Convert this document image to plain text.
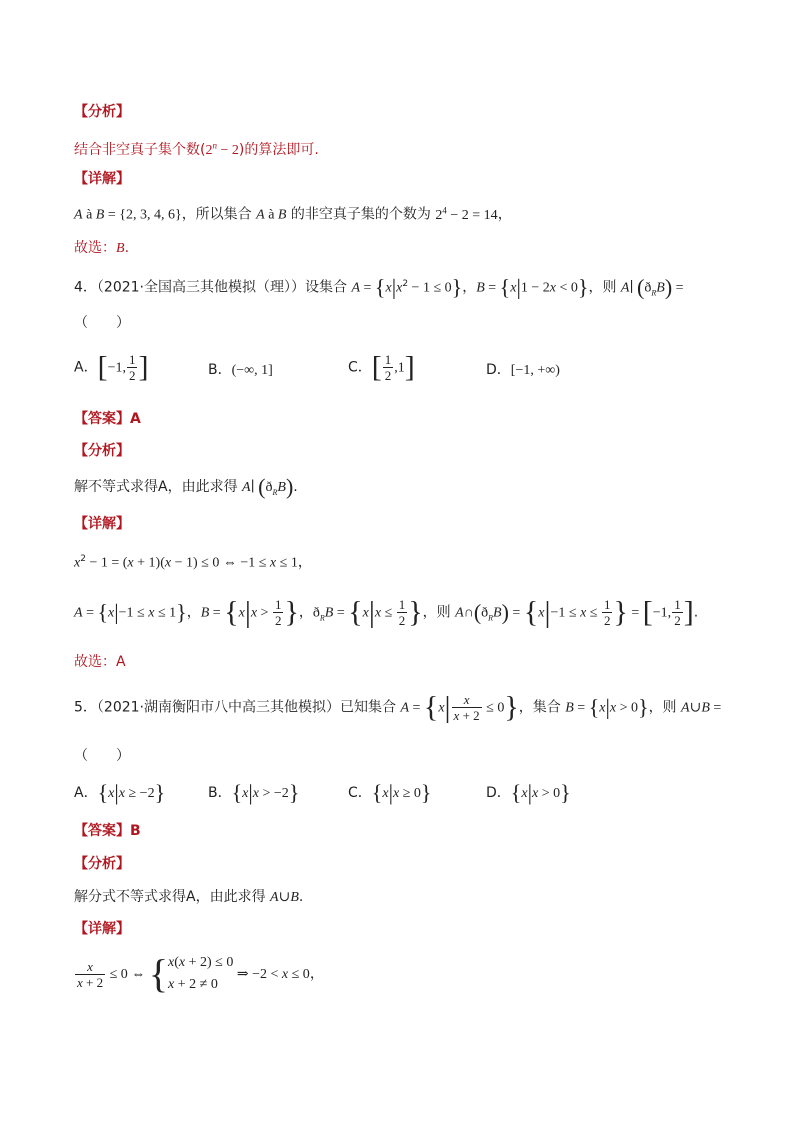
【分析】
结合非空真子集个数$(2^n - 2)$的算法即可.
【详解】
A à B = {2, 3, 4, 6}，所以集合 A à B 的非空真子集的个数为 $2^4 - 2 = 14$，
故选：B.
4．（2021·全国高三其他模拟（理））设集合 $A = \{x|x^2 - 1 \le 0\}$，B = {x|1 − 2x < 0}，则 A∣ $(ð_RB)$ =
（　　）
A．[−1, $\frac{1}{2}$ ]	B．(−∞, 1]	C．[ $\frac{1}{2} ,1$]	D．[−1, +∞)
【答案】A
【分析】
解不等式求得A，由此求得 A∣ $(ð_RB)$.
【详解】
$x^2 - 1 = (x + 1)(x - 1) \le 0$ ⇔ −1 ≤ x ≤ 1，
A = {x|−1 ≤ x ≤ 1}，$B = \{x|x > \frac{1}{2}$ }，$ð_RB = \{x|x \le \frac{1}{2}$ }，则 $A\cap(ð_RB) = \{x|-1 \le x \le \frac{1}{2}$ } = [−1, $\frac{1}{2}$ ].
故选：A
5．（2021·湖南衡阳市八中高三其他模拟）已知集合 $A = \{x| \frac{x}{x + 2} \le 0\}$，集合 B = {x|x > 0}，则 A∪B =
（　　）
A．{x|x ≥ −2}	B．{x|x > −2}	C．{x|x ≥ 0}	D．{x|x > 0}
【答案】B
【分析】
解分式不等式求得A，由此求得 A∪B.
【详解】
$\frac{x}{x + 2} \le 0$ ⇔ { x(x + 2) ≤ 0
x + 2 ≠ 0
⇒ −2 < x ≤ 0，
